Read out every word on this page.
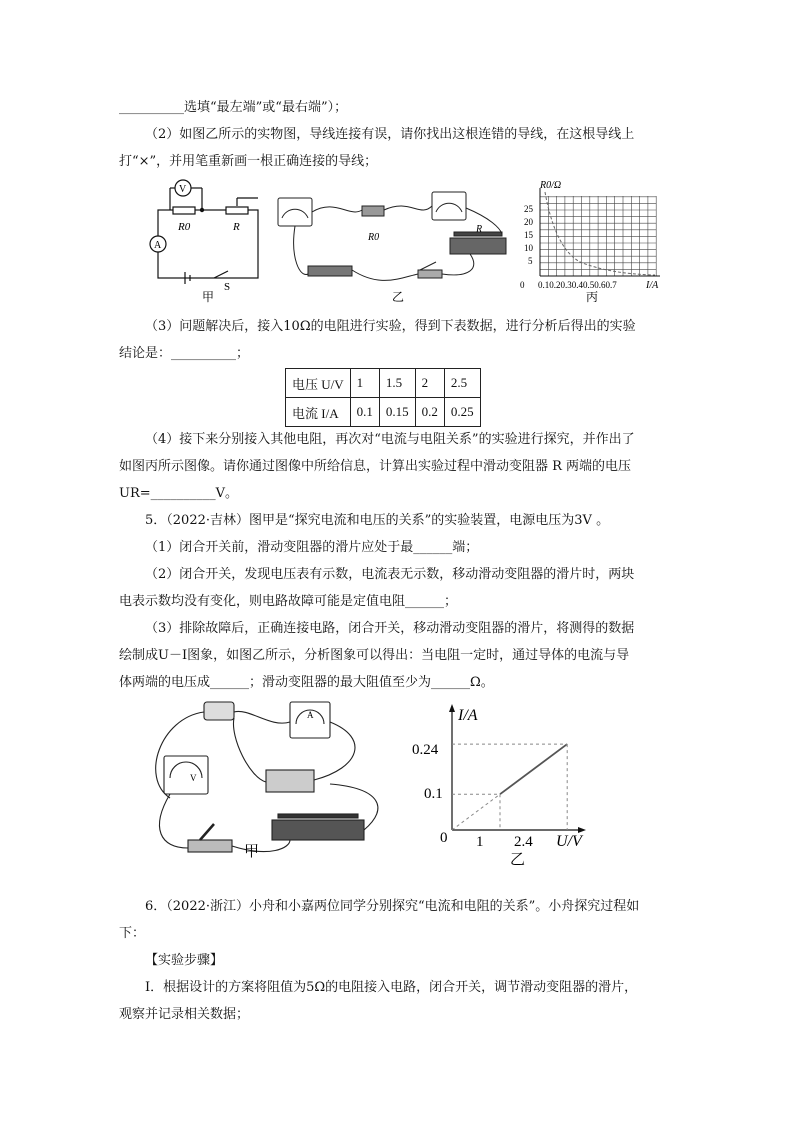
__________选填“最左端”或“最右端”）；

（2）如图乙所示的实物图，导线连接有误，请你找出这根连错的导线，在这根导线上

打“×”，并用笔重新画一根正确连接的导线；

V
A
R0	R
S
甲
R0
R
乙
R0/Ω
25
20
15
10
5
0 0.10.20.30.40.50.60.7	I/A
丙

（3）问题解决后，接入10Ω的电阻进行实验，得到下表数据，进行分析后得出的实验

结论是：__________；

电压 U/V	1	1.5	2	2.5
电流 I/A	0.1	0.15	0.2	0.25

（4）接下来分别接入其他电阻，再次对“电流与电阻关系”的实验进行探究，并作出了

如图丙所示图像。请你通过图像中所给信息，计算出实验过程中滑动变阻器 R 两端的电压

UR=__________V。

5．（2022·吉林）图甲是“探究电流和电压的关系”的实验装置，电源电压为3V 。

（1）闭合开关前，滑动变阻器的滑片应处于最______端；

（2）闭合开关，发现电压表有示数，电流表无示数，移动滑动变阻器的滑片时，两块

电表示数均没有变化，则电路故障可能是定值电阻______；

（3）排除故障后，正确连接电路，闭合开关，移动滑动变阻器的滑片，将测得的数据

绘制成U－I图象，如图乙所示，分析图象可以得出：当电阻一定时，通过导体的电流与导

体两端的电压成______；滑动变阻器的最大阻值至少为______Ω。

V
A
甲
I/A
0.24
0.1
0 1 2.4 U/V
乙

6．（2022·浙江）小舟和小嘉两位同学分别探究“电流和电阻的关系”。小舟探究过程如

下：

【实验步骤】

Ⅰ．根据设计的方案将阻值为5Ω的电阻接入电路，闭合开关，调节滑动变阻器的滑片，

观察并记录相关数据；
